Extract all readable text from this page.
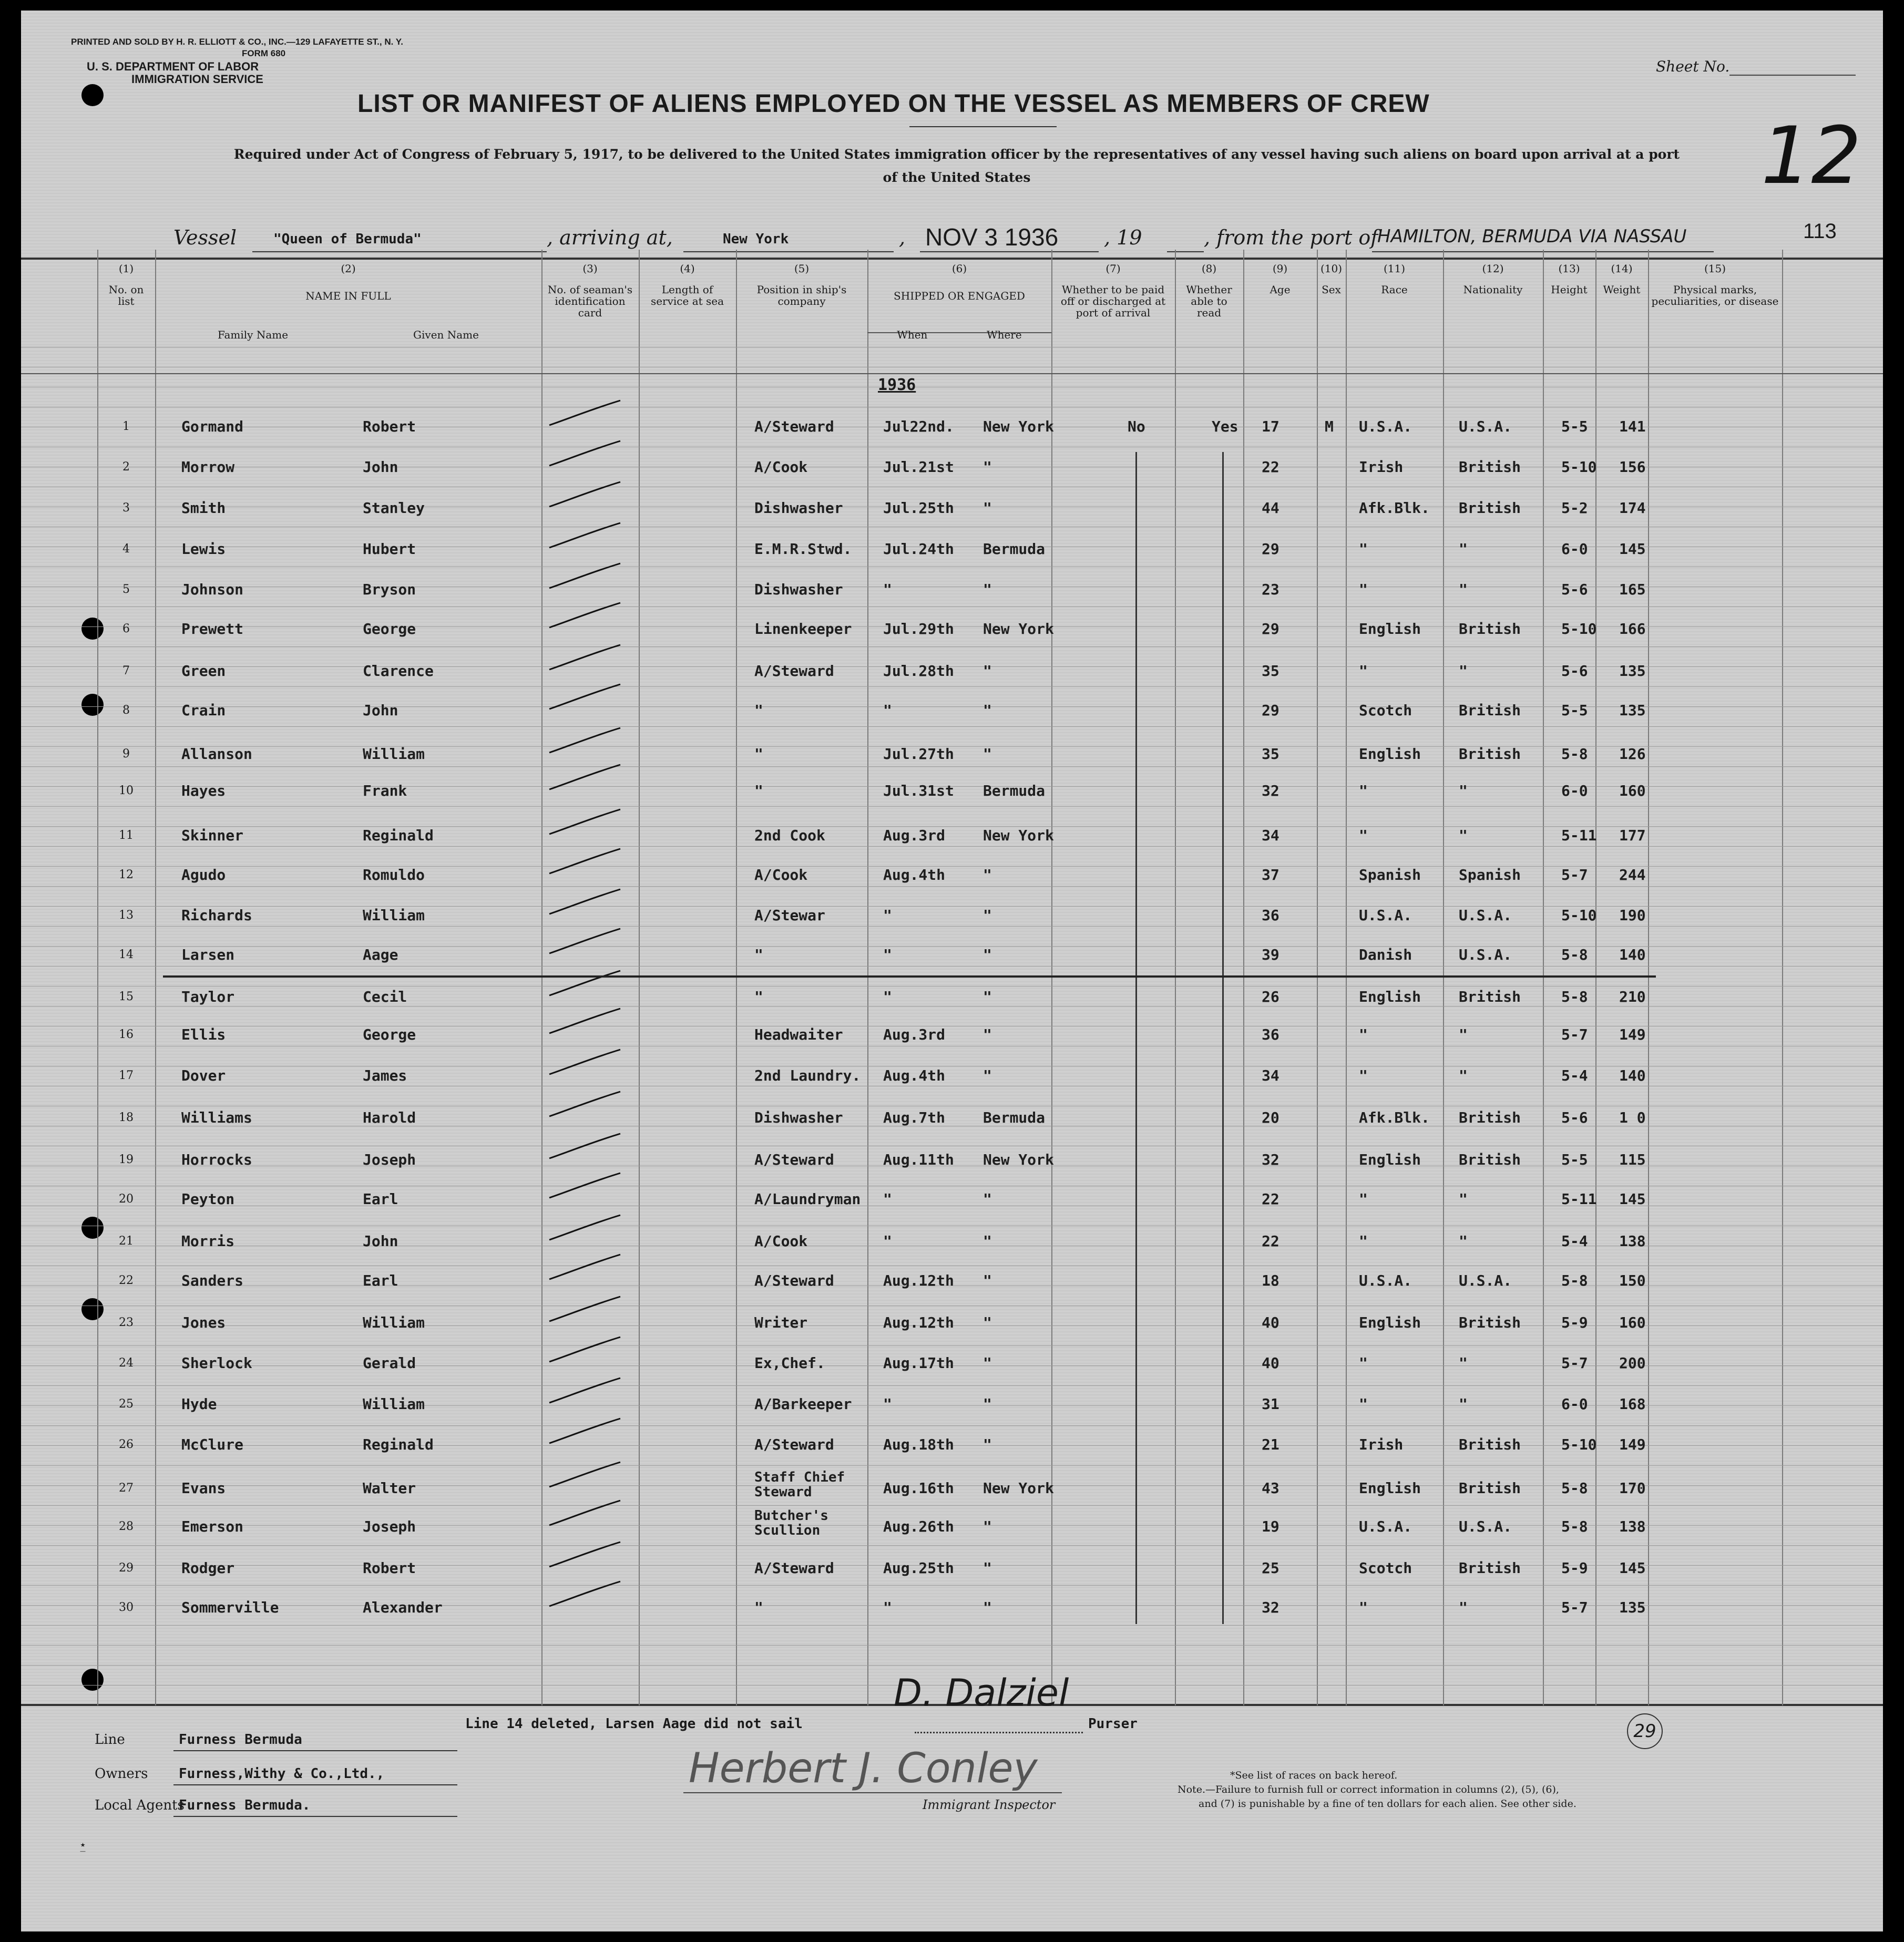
PRINTED AND SOLD BY H. R. ELLIOTT & CO., INC.—129 LAFAYETTE ST., N. Y.
FORM 680
U. S. DEPARTMENT OF LABOR
IMMIGRATION SERVICE
Sheet No.
12
LIST OR MANIFEST OF ALIENS EMPLOYED ON THE VESSEL AS MEMBERS OF CREW
Required under Act of Congress of February 5, 1917, to be delivered to the United States immigration officer by the representatives of any vessel having such aliens on board upon arrival at a port
of the United States
Vessel	"Queen of Bermuda"	, arriving at,	New York	, NOV 3 1936 , 19	, from the port of
HAMILTON, BERMUDA VIA NASSAU	113
(1)
No. on list
(2)
NAME IN FULL
Family Name	Given Name
(3)
No. of seaman's identification card
(4)
Length of service at sea
(5)
Position in ship's company
(6)
SHIPPED OR ENGAGED
When	Where
(7)
Whether to be paid off or discharged at port of arrival
(8)
Whether able to read
(9)
Age
(10)
Sex
(11)
Race
(12)
Nationality
(13)
Height
(14)
Weight
(15)
Physical marks, peculiarities, or disease
1936
1	Gormand	Robert	A/Steward	Jul22nd. New York	No	Yes 17	M U.S.A.	U.S.A.	5-5 141
2	Morrow	John	A/Cook	Jul.21st "	22	Irish	British	5-10 156
3	Smith	Stanley	Dishwasher	Jul.25th "	44	Afk.Blk. British	5-2 174
4	Lewis	Hubert	E.M.R.Stwd. Jul.24th Bermuda	29	"	"	6-0 145
5	Johnson	Bryson	Dishwasher	"	"	23	"	"	5-6 165
6	Prewett	George	Linenkeeper Jul.29th New York	29	English	British	5-10 166
7	Green	Clarence	A/Steward	Jul.28th "	35	"	"	5-6 135
8	Crain	John	"	"	"	29	Scotch	British	5-5 135
9	Allanson	William	"	Jul.27th "	35	English	British	5-8 126
10	Hayes	Frank	"	Jul.31st Bermuda	32	"	"	6-0 160
11	Skinner	Reginald	2nd Cook	Aug.3rd	New York	34	"	"	5-11 177
12	Agudo	Romuldo	A/Cook	Aug.4th	"	37	Spanish	Spanish	5-7 244
13	Richards	William	A/Stewar	"	"	36	U.S.A.	U.S.A.	5-10 190
14	Larsen	Aage	"	"	"	39	Danish	U.S.A.	5-8 140
15	Taylor	Cecil	"	"	"	26	English	British	5-8 210
16	Ellis	George	Headwaiter	Aug.3rd	"	36	"	"	5-7 149
17	Dover	James	2nd Laundry. Aug.4th	"	34	"	"	5-4 140
18	Williams	Harold	Dishwasher	Aug.7th	Bermuda	20	Afk.Blk. British	5-6 1 0
19	Horrocks	Joseph	A/Steward	Aug.11th New York	32	English	British	5-5 115
20	Peyton	Earl	A/Laundryman "	"	22	"	"	5-11 145
21	Morris	John	A/Cook	"	"	22	"	"	5-4 138
22	Sanders	Earl	A/Steward	Aug.12th "	18	U.S.A.	U.S.A.	5-8 150
23	Jones	William	Writer	Aug.12th "	40	English	British	5-9 160
24	Sherlock	Gerald	Ex,Chef.	Aug.17th "	40	"	"	5-7 200
25	Hyde	William	A/Barkeeper "	"	31	"	"	6-0 168
26	McClure	Reginald	A/Steward	Aug.18th "	21	Irish	British	5-10 149
27	Evans	Walter
Staff Chief Steward	Aug.16th New York	43	English	British	5-8 170
28	Emerson	Joseph
Butcher's Scullion	Aug.26th "	19	U.S.A.	U.S.A.	5-8 138
29	Rodger	Robert	A/Steward	Aug.25th "	25	Scotch	British	5-9 145
30	Sommerville	Alexander	"	"	"	32	"	"	5-7 135
Line	Furness Bermuda
Owners Furness,Withy & Co.,Ltd.,
Local Agents
Furness Bermuda.
Line 14 deleted, Larsen Aage did not sail
D. Dalziel
Purser
Herbert J. Conley
Immigrant Inspector
29
*See list of races on back hereof.
Note.—Failure to furnish full or correct information in columns (2), (5), (6),
and (7) is punishable by a fine of ten dollars for each alien. See other side.
★
—
